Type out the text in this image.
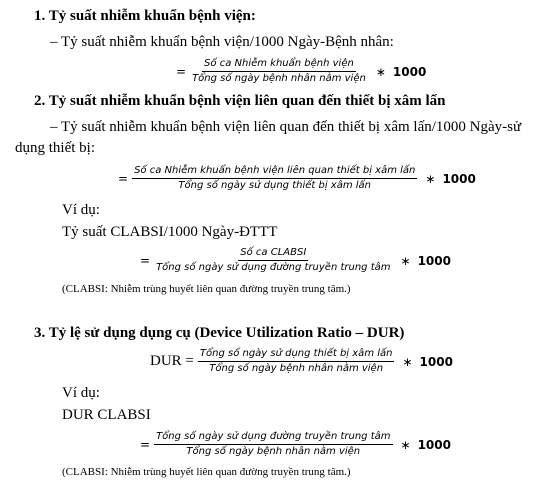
1. Tỷ suất nhiễm khuẩn bệnh viện:
– Tỷ suất nhiễm khuẩn bệnh viện/1000 Ngày-Bệnh nhân:
= $\frac{\text{Số ca Nhiễm khuẩn bệnh viện}}{\text{Tổng số ngày bệnh nhân nằm viện}}$ ∗ 1000
2. Tỷ suất nhiễm khuẩn bệnh viện liên quan đến thiết bị xâm lấn
– Tỷ suất nhiễm khuẩn bệnh viện liên quan đến thiết bị xâm lấn/1000 Ngày-sử
dụng thiết bị:
= $\frac{\text{Số ca Nhiễm khuẩn bệnh viện liên quan thiết bị xâm lấn}}{\text{Tổng số ngày sử dụng thiết bị xâm lấn}}$ ∗ 1000
Ví dụ:
Tỷ suất CLABSI/1000 Ngày-ĐTTT
= $\frac{\text{Số ca CLABSI}}{\text{Tổng số ngày sử dụng đường truyền trung tâm}}$ ∗ 1000
(CLABSI: Nhiễm trùng huyết liên quan đường truyền trung tâm.)
3. Tỷ lệ sử dụng dụng cụ (Device Utilization Ratio – DUR)
DUR = $\frac{\text{Tổng số ngày sử dụng thiết bị xâm lấn}}{\text{Tổng số ngày bệnh nhân nằm viện}}$ ∗ 1000
Ví dụ:
DUR CLABSI
= $\frac{\text{Tổng số ngày sử dụng đường truyền trung tâm}}{\text{Tổng số ngày bệnh nhân nằm viện}}$ ∗ 1000
(CLABSI: Nhiễm trùng huyết liên quan đường truyền trung tâm.)
